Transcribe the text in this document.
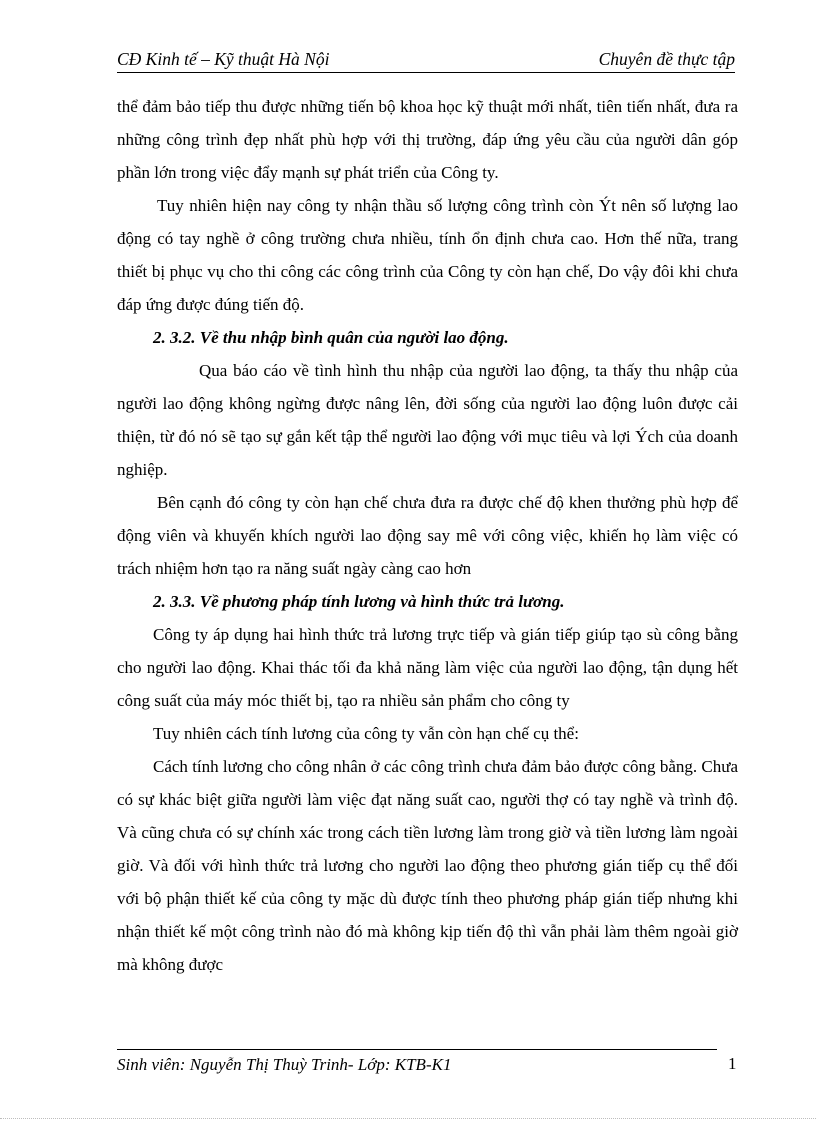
CĐ Kinh tế – Kỹ thuật Hà Nội	Chuyên đề thực tập

thể đảm bảo tiếp thu được những tiến bộ khoa học kỹ thuật mới nhất, tiên tiến nhất, đưa ra những công trình đẹp nhất phù hợp với thị trường, đáp ứng yêu cầu của người dân góp phần lớn trong việc đẩy mạnh sự phát triển của Công ty.

Tuy nhiên hiện nay công ty nhận thầu số lượng công trình còn Ýt nên số lượng lao động có tay nghề ở công trường chưa nhiều, tính ổn định chưa cao. Hơn thế nữa, trang thiết bị phục vụ cho thi công các công trình của Công ty còn hạn chế, Do vậy đôi khi chưa đáp ứng được đúng tiến độ.

2. 3.2. Về thu nhập bình quân của người lao động.

Qua báo cáo về tình hình thu nhập của người lao động, ta thấy thu nhập của người lao động không ngừng được nâng lên, đời sống của người lao động luôn được cải thiện, từ đó nó sẽ tạo sự gắn kết tập thể người lao động với mục tiêu và lợi Ých của doanh nghiệp.

Bên cạnh đó công ty còn hạn chế chưa đưa ra được chế độ khen thưởng phù hợp để động viên và khuyến khích người lao động say mê với công việc, khiến họ làm việc có trách nhiệm hơn tạo ra năng suất ngày càng cao hơn

2. 3.3. Về phương pháp tính lương và hình thức trả lương.

Công ty áp dụng hai hình thức trả lương trực tiếp và gián tiếp giúp tạo sù công bằng cho người lao động. Khai thác tối đa khả năng làm việc của người lao động, tận dụng hết công suất của máy móc thiết bị, tạo ra nhiều sản phẩm cho công ty

Tuy nhiên cách tính lương của công ty vẫn còn hạn chế cụ thể:

Cách tính lương cho công nhân ở các công trình chưa đảm bảo được công bằng. Chưa có sự khác biệt giữa người làm việc đạt năng suất cao, người thợ có tay nghề và trình độ. Và cũng chưa có sự chính xác trong cách tiền lương làm trong giờ và tiền lương làm ngoài giờ. Và đối với hình thức trả lương cho người lao động theo phương gián tiếp cụ thể đối với bộ phận thiết kế của công ty mặc dù được tính theo phương pháp gián tiếp nhưng khi nhận thiết kế một công trình nào đó mà không kịp tiến độ thì vẫn phải làm thêm ngoài giờ mà không được

Sinh viên: Nguyễn Thị Thuỳ Trinh- Lớp: KTB-K1	1
